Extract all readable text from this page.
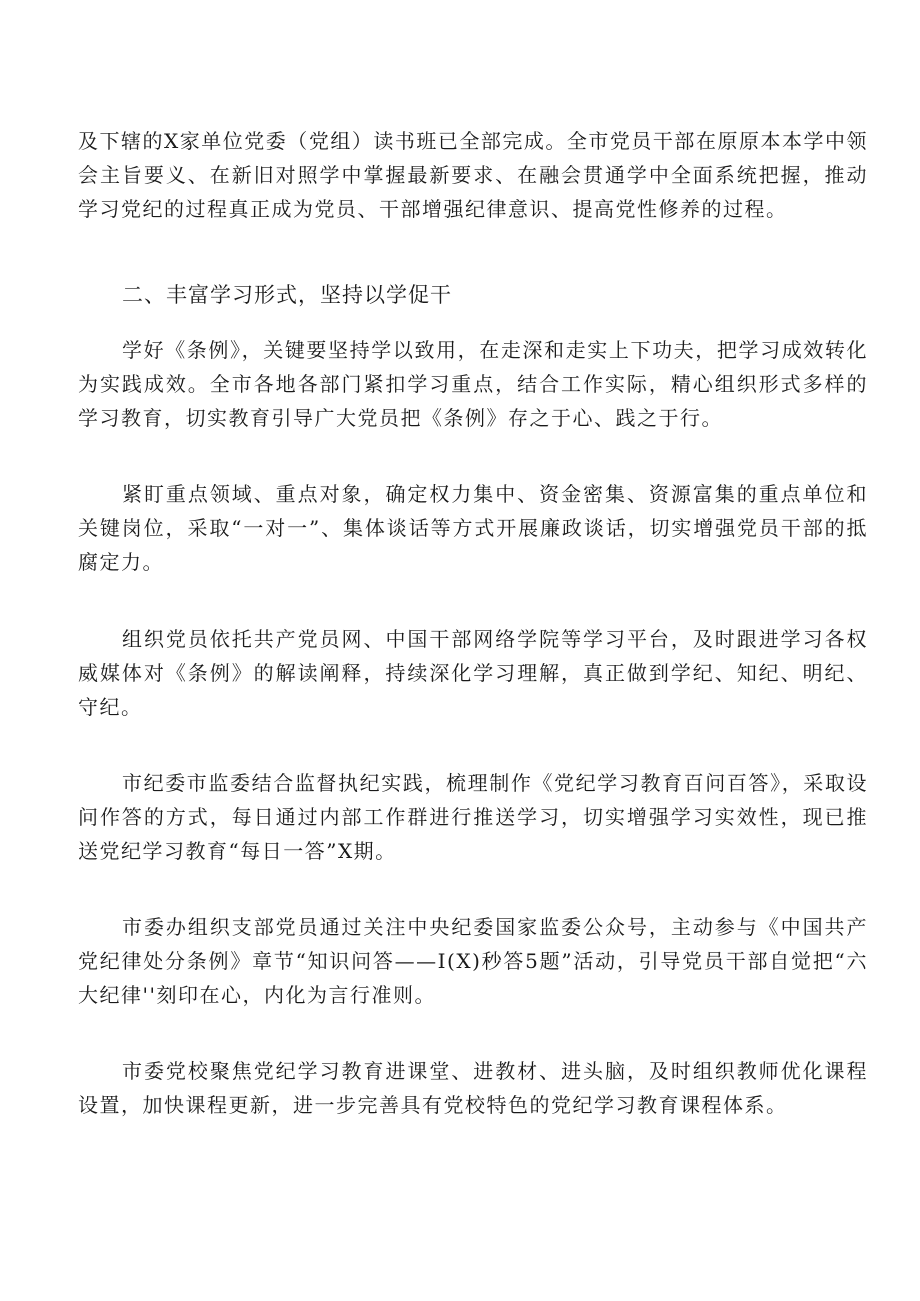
及下辖的X家单位党委（党组）读书班已全部完成。全市党员干部在原原本本学中领会主旨要义、在新旧对照学中掌握最新要求、在融会贯通学中全面系统把握，推动学习党纪的过程真正成为党员、干部增强纪律意识、提高党性修养的过程。

二、丰富学习形式，坚持以学促干

学好《条例》，关键要坚持学以致用，在走深和走实上下功夫，把学习成效转化为实践成效。全市各地各部门紧扣学习重点，结合工作实际，精心组织形式多样的学习教育，切实教育引导广大党员把《条例》存之于心、践之于行。

紧盯重点领域、重点对象，确定权力集中、资金密集、资源富集的重点单位和关键岗位，采取“一对一”、集体谈话等方式开展廉政谈话，切实增强党员干部的抵腐定力。

组织党员依托共产党员网、中国干部网络学院等学习平台，及时跟进学习各权威媒体对《条例》的解读阐释，持续深化学习理解，真正做到学纪、知纪、明纪、守纪。

市纪委市监委结合监督执纪实践，梳理制作《党纪学习教育百问百答》，采取设问作答的方式，每日通过内部工作群进行推送学习，切实增强学习实效性，现已推送党纪学习教育“每日一答”X期。

市委办组织支部党员通过关注中央纪委国家监委公众号，主动参与《中国共产党纪律处分条例》章节“知识问答——I(X)秒答5题”活动，引导党员干部自觉把“六大纪律''刻印在心，内化为言行准则。

市委党校聚焦党纪学习教育进课堂、进教材、进头脑，及时组织教师优化课程设置，加快课程更新，进一步完善具有党校特色的党纪学习教育课程体系。
